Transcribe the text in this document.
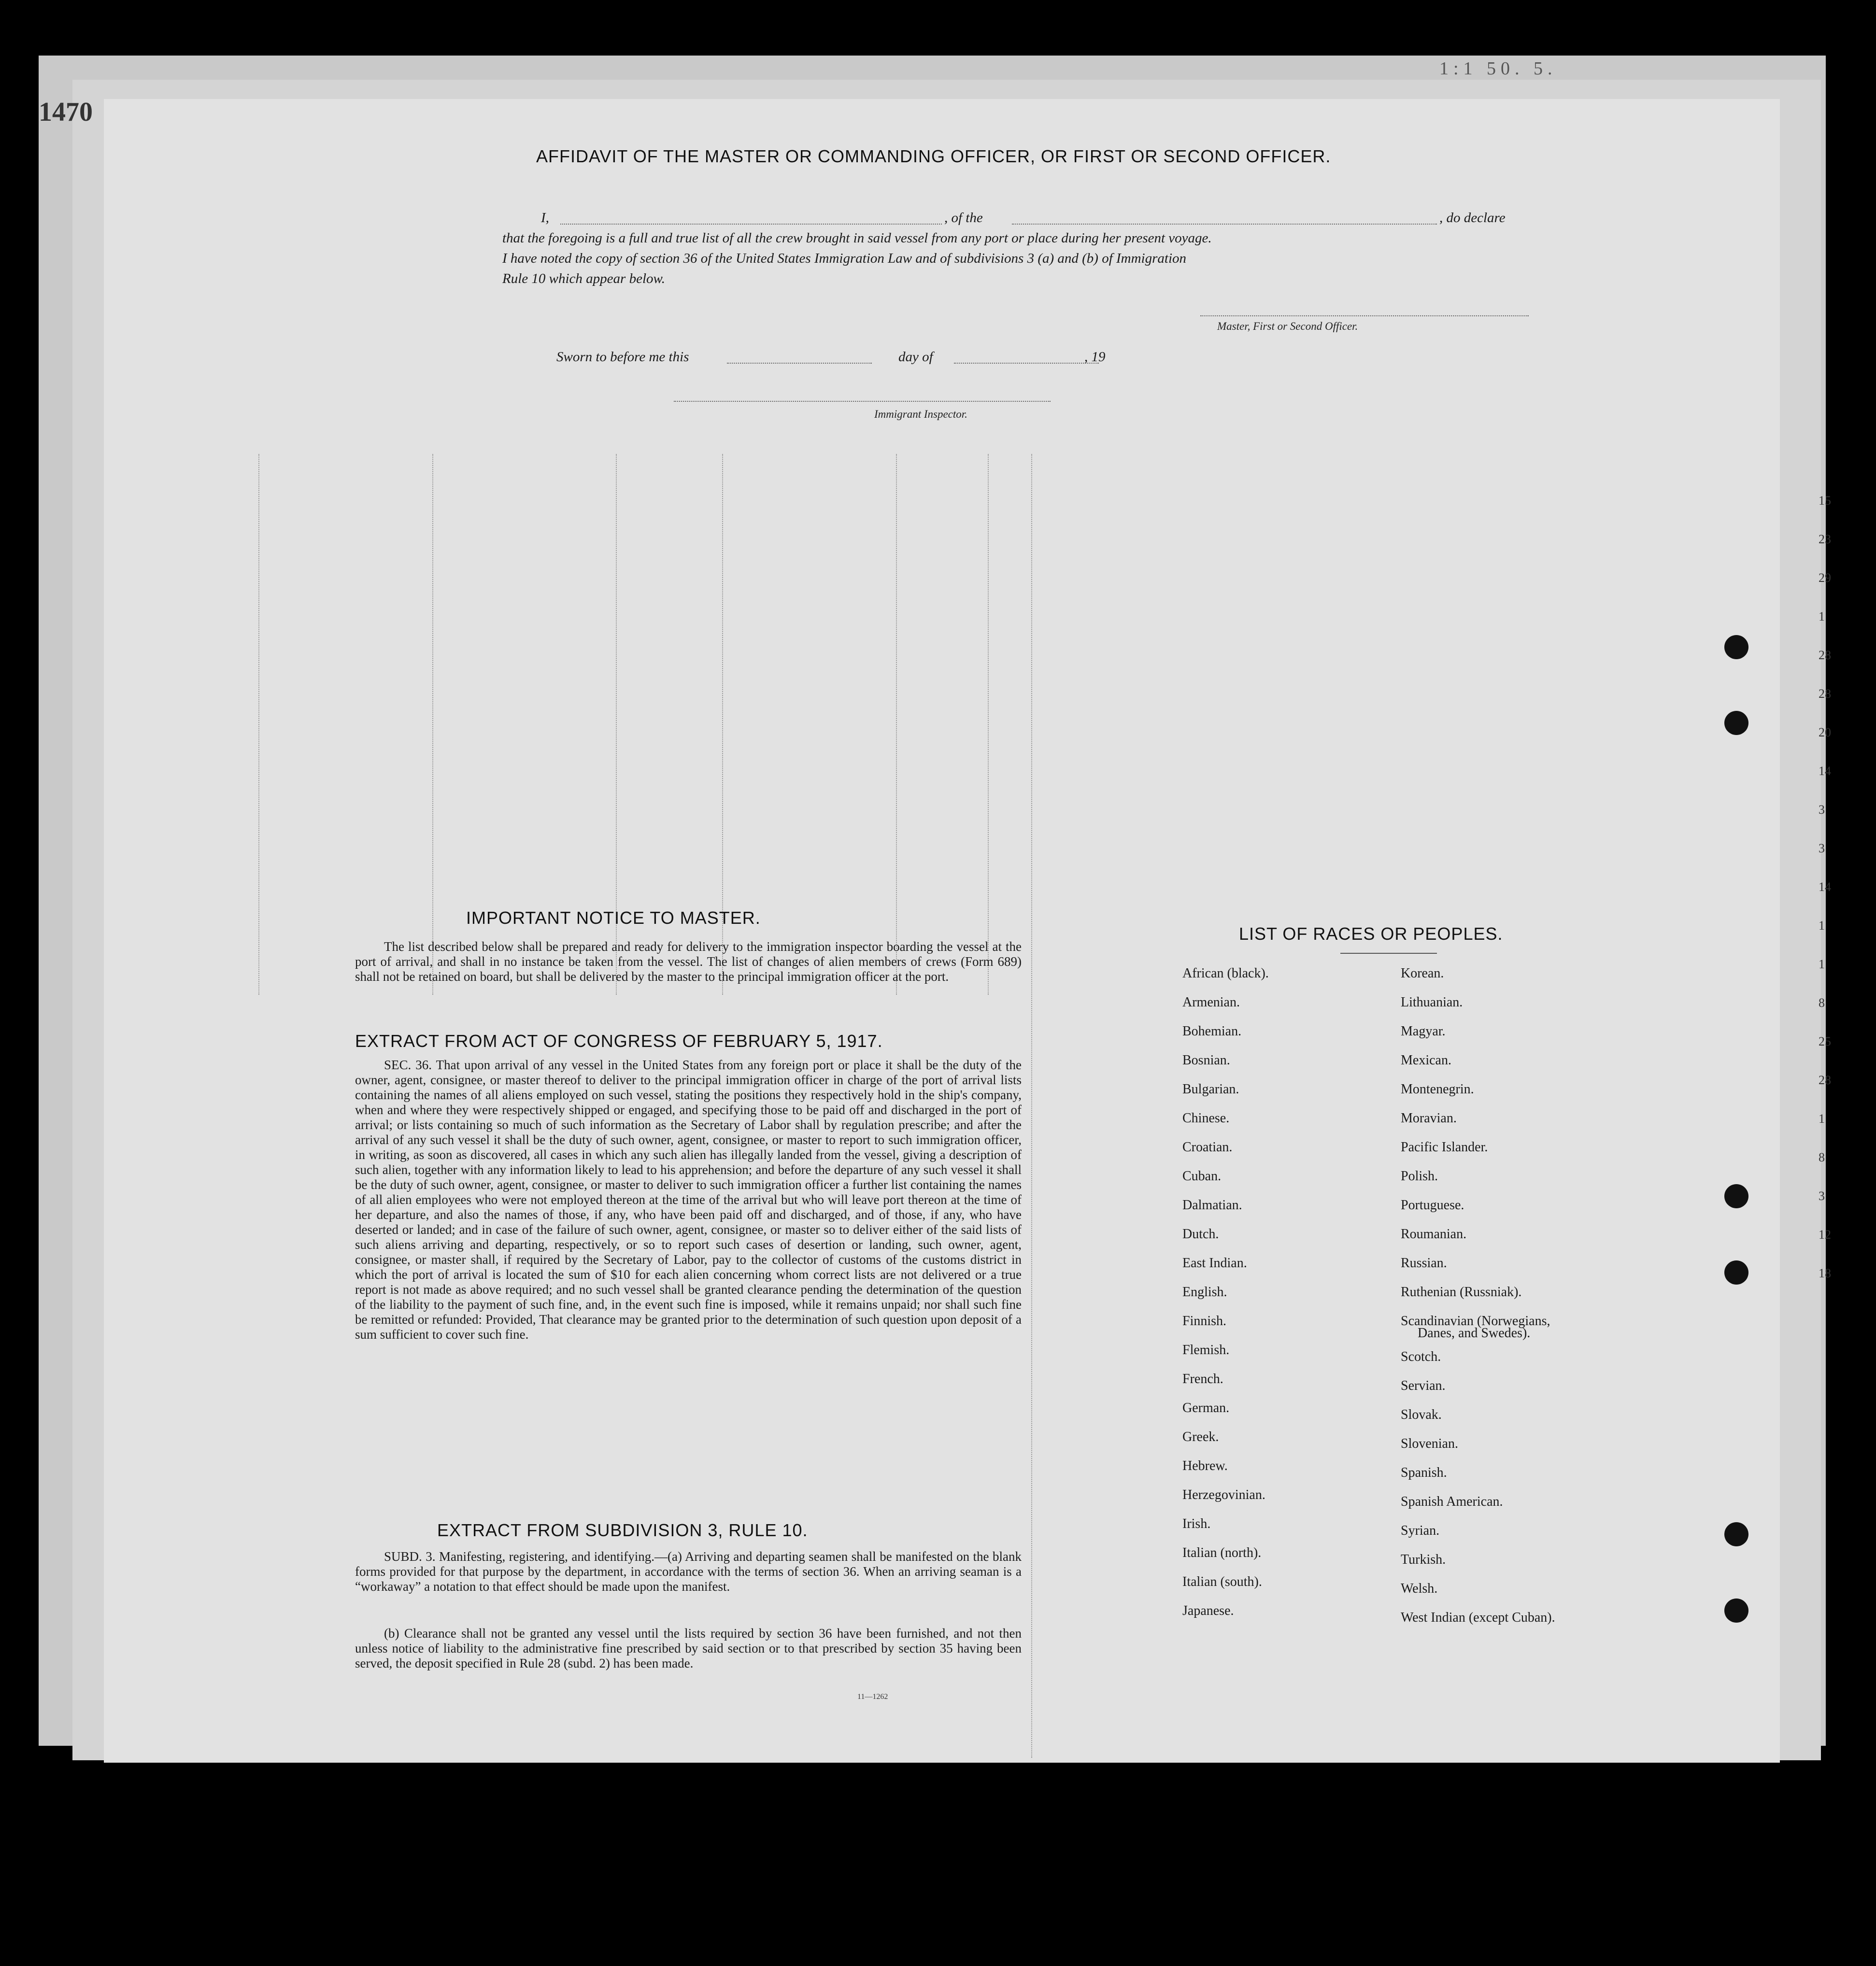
1:1 50. 5.
1470
15
23
29
1
28
28
20
14
3
3
14
1
1
8
25
28
1
8
3
12
18

AFFIDAVIT OF THE MASTER OR COMMANDING OFFICER, OR FIRST OR SECOND OFFICER.
I,	, of the	, do declare
that the foregoing is a full and true list of all the crew brought in said vessel from any port or place during her present voyage.
I have noted the copy of section 36 of the United States Immigration Law and of subdivisions 3 (a) and (b) of Immigration
Rule 10 which appear below.
Master, First or Second Officer.
Sworn to before me this	day of	, 19
Immigrant Inspector.
IMPORTANT NOTICE TO MASTER.
The list described below shall be prepared and ready for delivery to the immigration inspector boarding the vessel at the port of arrival, and shall in no instance be taken from the vessel. The list of changes of alien members of crews (Form 689) shall not be retained on board, but shall be delivered by the master to the principal immigration officer at the port.
EXTRACT FROM ACT OF CONGRESS OF FEBRUARY 5, 1917.
SEC. 36. That upon arrival of any vessel in the United States from any foreign port or place it shall be the duty of the owner, agent, consignee, or master thereof to deliver to the principal immigration officer in charge of the port of arrival lists containing the names of all aliens employed on such vessel, stating the positions they respectively hold in the ship's company, when and where they were respectively shipped or engaged, and specifying those to be paid off and discharged in the port of arrival; or lists containing so much of such information as the Secretary of Labor shall by regulation prescribe; and after the arrival of any such vessel it shall be the duty of such owner, agent, consignee, or master to report to such immigration officer, in writing, as soon as discovered, all cases in which any such alien has illegally landed from the vessel, giving a description of such alien, together with any information likely to lead to his apprehension; and before the departure of any such vessel it shall be the duty of such owner, agent, consignee, or master to deliver to such immigration officer a further list containing the names of all alien employees who were not employed thereon at the time of the arrival but who will leave port thereon at the time of her departure, and also the names of those, if any, who have been paid off and discharged, and of those, if any, who have deserted or landed; and in case of the failure of such owner, agent, consignee, or master so to deliver either of the said lists of such aliens arriving and departing, respectively, or so to report such cases of desertion or landing, such owner, agent, consignee, or master shall, if required by the Secretary of Labor, pay to the collector of customs of the customs district in which the port of arrival is located the sum of $10 for each alien concerning whom correct lists are not delivered or a true report is not made as above required; and no such vessel shall be granted clearance pending the determination of the question of the liability to the payment of such fine, and, in the event such fine is imposed, while it remains unpaid; nor shall such fine be remitted or refunded: Provided, That clearance may be granted prior to the determination of such question upon deposit of a sum sufficient to cover such fine.
EXTRACT FROM SUBDIVISION 3, RULE 10.
SUBD. 3. Manifesting, registering, and identifying.—(a) Arriving and departing seamen shall be manifested on the blank forms provided for that purpose by the department, in accordance with the terms of section 36. When an arriving seaman is a “workaway” a notation to that effect should be made upon the manifest.
(b) Clearance shall not be granted any vessel until the lists required by section 36 have been furnished, and not then unless notice of liability to the administrative fine prescribed by said section or to that prescribed by section 35 having been served, the deposit specified in Rule 28 (subd. 2) has been made.
11—1262
LIST OF RACES OR PEOPLES.
African (black).
Armenian.
Bohemian.
Bosnian.
Bulgarian.
Chinese.
Croatian.
Cuban.
Dalmatian.
Dutch.
East Indian.
English.
Finnish.
Flemish.
French.
German.
Greek.
Hebrew.
Herzegovinian.
Irish.
Italian (north).
Italian (south).
Japanese.
Korean.
Lithuanian.
Magyar.
Mexican.
Montenegrin.
Moravian.
Pacific Islander.
Polish.
Portuguese.
Roumanian.
Russian.
Ruthenian (Russniak).
Scandinavian (Norwegians,
Scotch.
Servian.
Slovak.
Slovenian.
Spanish.
Spanish American.
Syrian.
Turkish.
Welsh.
West Indian (except Cuban).
Danes, and Swedes).
